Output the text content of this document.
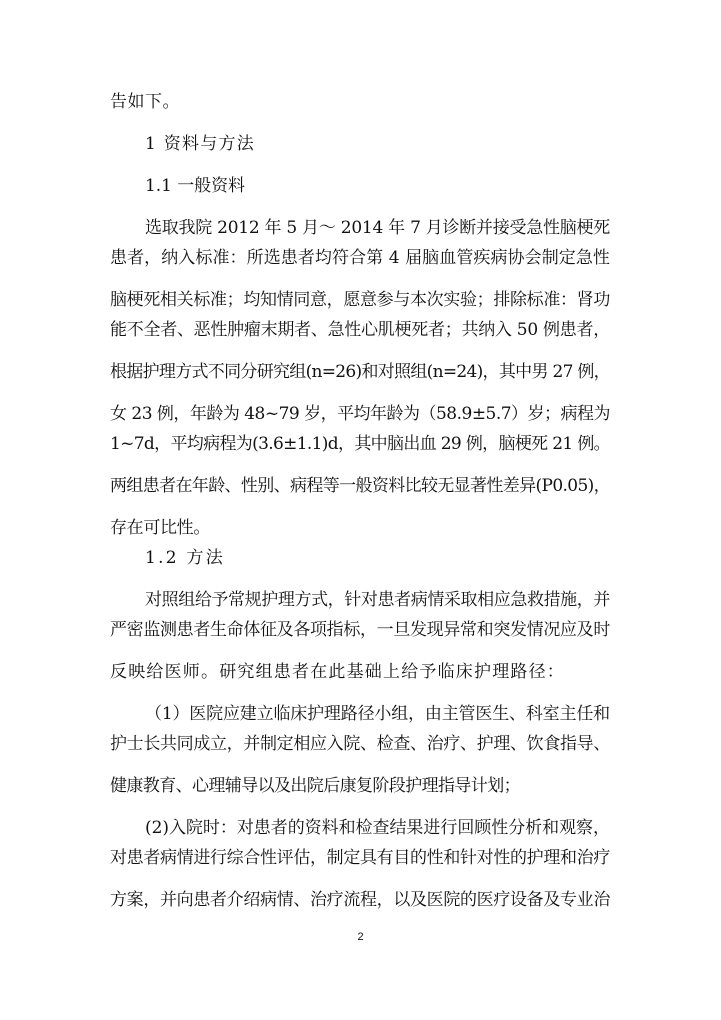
告如下。
1 资料与方法
1.1 一般资料
选取我院 2012 年 5 月～ 2014 年 7 月诊断并接受急性脑梗死
患者，纳入标准：所选患者均符合第 4 届脑血管疾病协会制定急性
脑梗死相关标准；均知情同意，愿意参与本次实验；排除标准：肾功
能不全者、恶性肿瘤末期者、急性心肌梗死者；共纳入 50 例患者，
根据护理方式不同分研究组(n=26)和对照组(n=24)，其中男 27 例，
女 23 例，年龄为 48~79 岁，平均年龄为（58.9±5.7）岁；病程为
1~7d，平均病程为(3.6±1.1)d，其中脑出血 29 例，脑梗死 21 例。
两组患者在年龄、性别、病程等一般资料比较无显著性差异(P0.05)，
存在可比性。
1.2 方法
对照组给予常规护理方式，针对患者病情采取相应急救措施，并
严密监测患者生命体征及各项指标，一旦发现异常和突发情况应及时
反映给医师。研究组患者在此基础上给予临床护理路径：
（1）医院应建立临床护理路径小组，由主管医生、科室主任和
护士长共同成立，并制定相应入院、检查、治疗、护理、饮食指导、
健康教育、心理辅导以及出院后康复阶段护理指导计划；
(2)入院时：对患者的资料和检查结果进行回顾性分析和观察，
对患者病情进行综合性评估，制定具有目的性和针对性的护理和治疗
方案，并向患者介绍病情、治疗流程，以及医院的医疗设备及专业治
2
